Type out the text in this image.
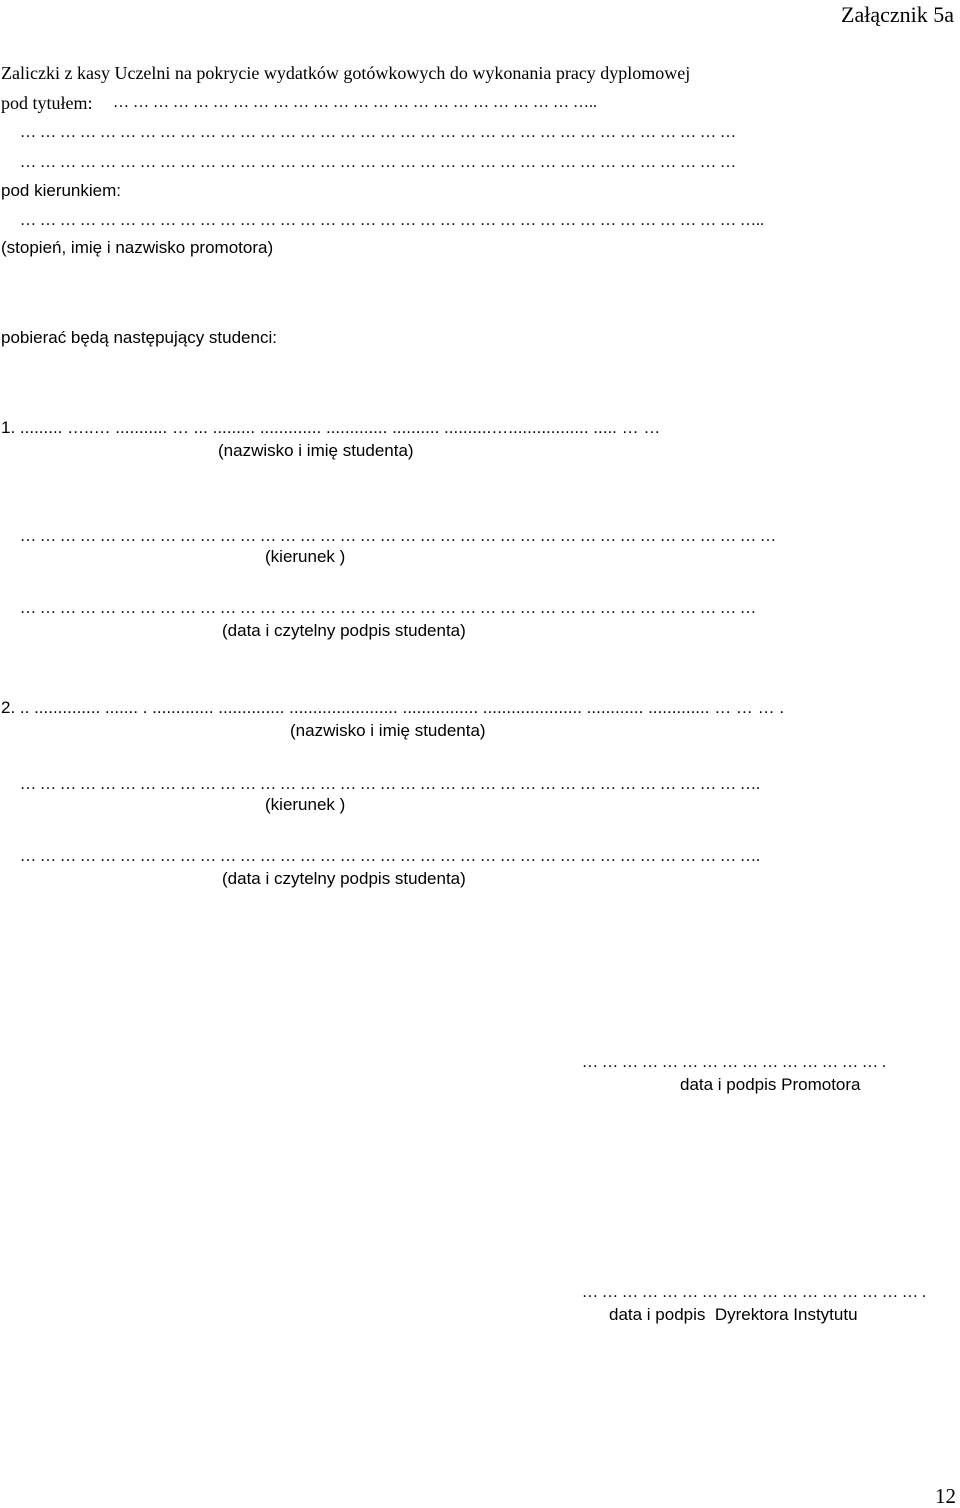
Załącznik 5a
Zaliczki z kasy Uczelni na pokrycie wydatków gotówkowych do wykonania pracy dyplomowej
pod tytułem: … … … … … … … … … … … … … … … … … … … … … … … …..
… … … … … … … … … … … … … … … … … … … … … … … … … … … … … … … … … … … …
… … … … … … … … … … … … … … … … … … … … … … … … … … … … … … … … … … … …
pod kierunkiem:
… … … … … … … … … … … … … … … … … … … … … … … … … … … … … … … … … … … … …..
(stopień, imię i nazwisko promotora)
pobierać będą następujący studenci:
1. ......... …..… ........... … ... ......... ............. ............. .......... ..........…................. ..... … …
(nazwisko i imię studenta)
… … … … … … … … … … … … … … … … … … … … … … … … … … … … … … … … … … … … … …
(kierunek )
… … … … … … … … … … … … … … … … … … … … … … … … … … … … … … … … … … … … …
(data i czytelny podpis studenta)
2. .. .............. ....... . ............. .............. ....................... ................ ..................... ............ ............. … … … .
(nazwisko i imię studenta)
… … … … … … … … … … … … … … … … … … … … … … … … … … … … … … … … … … … … ….
(kierunek )
… … … … … … … … … … … … … … … … … … … … … … … … … … … … … … … … … … … … ….
(data i czytelny podpis studenta)
… … … … … … … … … … … … … … … .
data i podpis Promotora
… … … … … … … … … … … … … … … … … .
data i podpis  Dyrektora Instytutu
12
